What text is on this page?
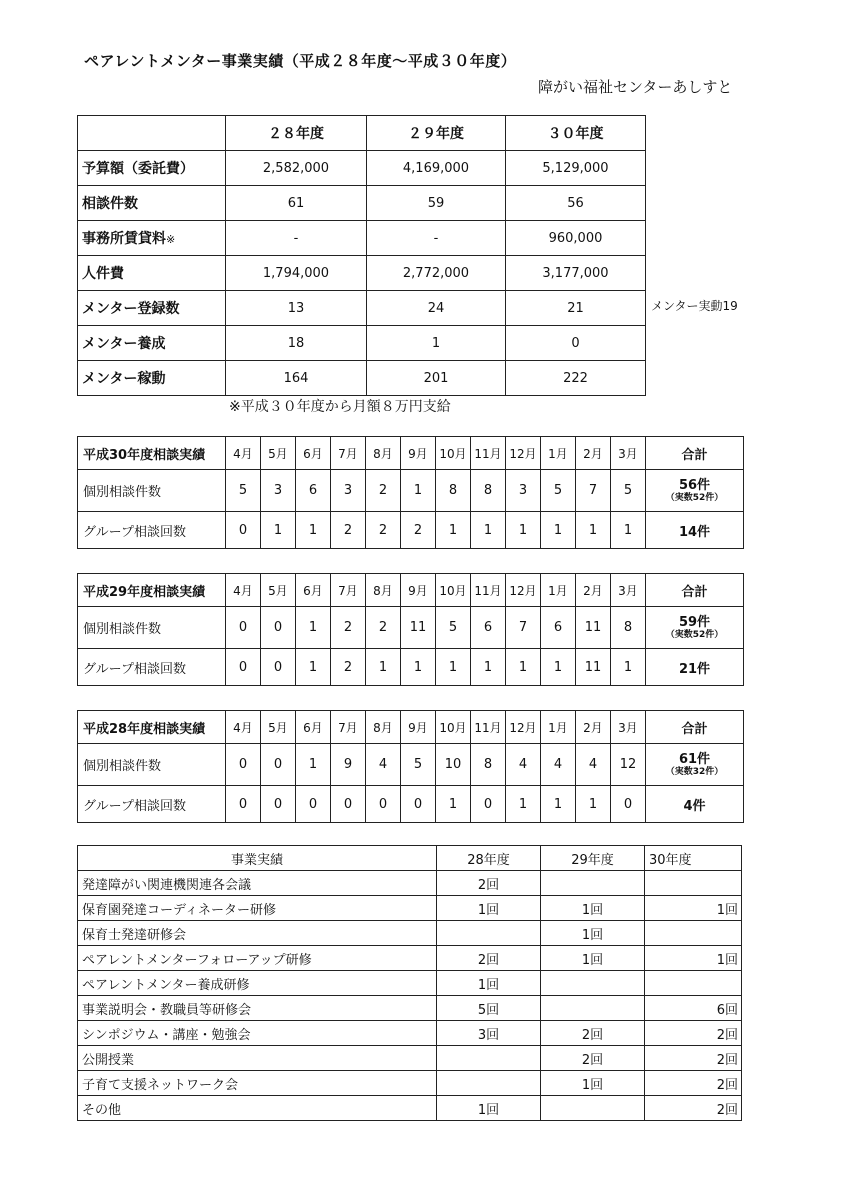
ペアレントメンター事業実績（平成２８年度～平成３０年度）
障がい福祉センターあしすと
	２８年度	２９年度	３０年度
予算額（委託費）	2,582,000	4,169,000	5,129,000
相談件数	61	59	56
事務所賃貸料※	-	-	960,000
人件費	1,794,000	2,772,000	3,177,000
メンター登録数	13	24	21
メンター養成	18	1	0
メンター稼動	164	201	222
メンター実動19
※平成３０年度から月額８万円支給
平成30年度相談実績	4月	5月	6月	7月	8月	9月	10月	11月	12月	1月	2月	3月	合計
個別相談件数	5	3	6	3	2	1	8	8	3	5	7	5	56件
（実数52件）

グループ相談回数	0	1	1	2	2	2	1	1	1	1	1	1	14件
平成29年度相談実績	4月	5月	6月	7月	8月	9月	10月	11月	12月	1月	2月	3月	合計
個別相談件数	0	0	1	2	2	11	5	6	7	6	11	8	59件
（実数52件）

グループ相談回数	0	0	1	2	1	1	1	1	1	1	11	1	21件
平成28年度相談実績	4月	5月	6月	7月	8月	9月	10月	11月	12月	1月	2月	3月	合計
個別相談件数	0	0	1	9	4	5	10	8	4	4	4	12	61件
（実数32件）

グループ相談回数	0	0	0	0	0	0	1	0	1	1	1	0	4件
事業実績	28年度	29年度	30年度
発達障がい関連機関連各会議	2回		
保育園発達コーディネーター研修	1回	1回	1回
保育士発達研修会		1回	
ペアレントメンターフォローアップ研修	2回	1回	1回
ペアレントメンター養成研修	1回		
事業説明会・教職員等研修会	5回		6回
シンポジウム・講座・勉強会	3回	2回	2回
公開授業		2回	2回
子育て支援ネットワーク会		1回	2回
その他	1回		2回
